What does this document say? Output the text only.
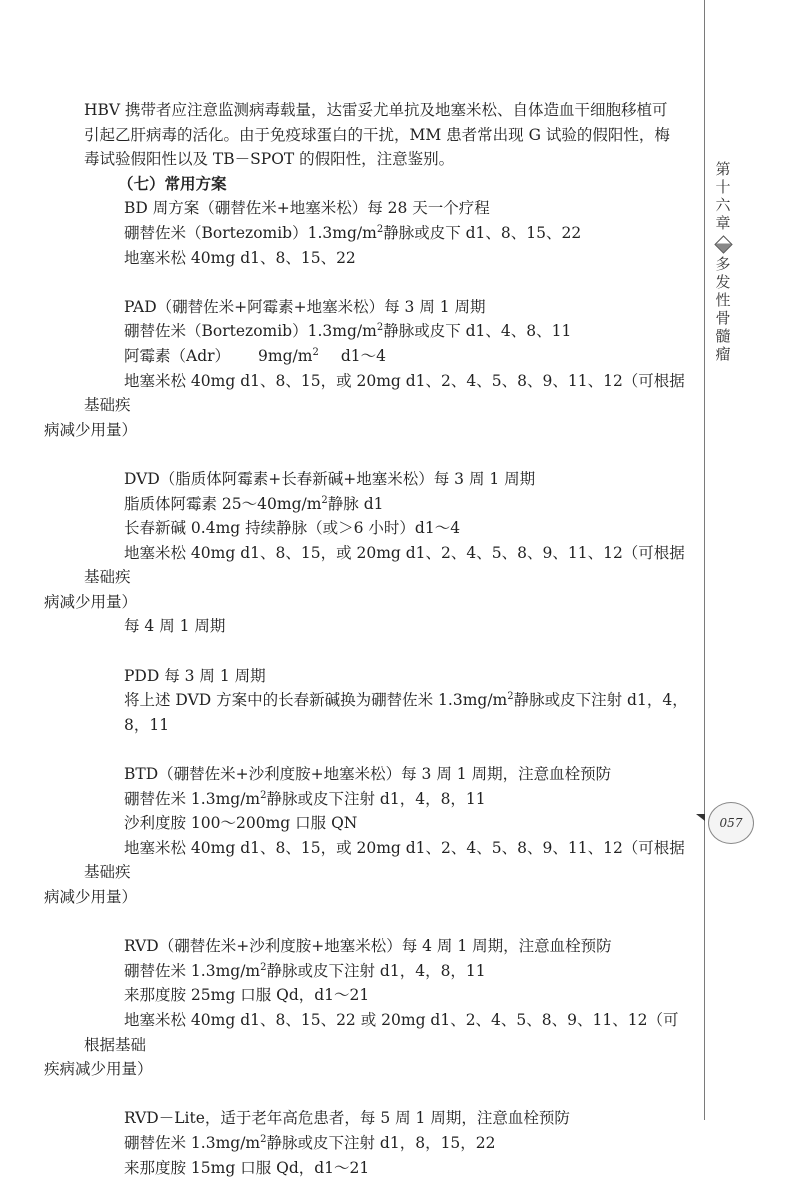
HBV 携带者应注意监测病毒载量，达雷妥尤单抗及地塞米松、自体造血干细胞移植可

引起乙肝病毒的活化。由于免疫球蛋白的干扰，MM 患者常出现 G 试验的假阳性，梅

毒试验假阳性以及 TB－SPOT 的假阳性，注意鉴别。

（七）常用方案

BD 周方案（硼替佐米+地塞米松）每 28 天一个疗程

硼替佐米$(Bortezomib)1.3mg/m^2$静脉或皮下 d1、8、15、22

地塞米松 40mg d1、8、15、22

PAD（硼替佐米+阿霉素+地塞米松）每 3 周 1 周期

硼替佐米$(Bortezomib)1.3mg/m^2$静脉或皮下 d1、4、8、11

阿霉素（Adr） $9mg/m^2$ d1～4

地塞米松 40mg d1、8、15，或 20mg d1、2、4、5、8、9、11、12（可根据基础疾
病减少用量）

DVD（脂质体阿霉素+长春新碱+地塞米松）每 3 周 1 周期

脂质体阿霉素 $25\sim 40mg/m^2$静脉 d1

长春新碱 0.4mg 持续静脉（或＞6 小时）d1～4

地塞米松 40mg d1、8、15，或 20mg d1、2、4、5、8、9、11、12（可根据基础疾
病减少用量）

每 4 周 1 周期

PDD 每 3 周 1 周期

将上述 DVD 方案中的长春新碱换为硼替佐米 $1.3mg/m^2$静脉或皮下注射 d1，4，8，11

BTD（硼替佐米+沙利度胺+地塞米松）每 3 周 1 周期，注意血栓预防

硼替佐米 $1.3mg/m^2$静脉或皮下注射 d1，4，8，11

沙利度胺 100～200mg 口服 QN

地塞米松 40mg d1、8、15，或 20mg d1、2、4、5、8、9、11、12（可根据基础疾
病减少用量）

RVD（硼替佐米+沙利度胺+地塞米松）每 4 周 1 周期，注意血栓预防

硼替佐米 $1.3mg/m^2$静脉或皮下注射 d1，4，8，11

来那度胺 25mg 口服 Qd，d1～21

地塞米松 40mg d1、8、15、22 或 20mg d1、2、4、5、8、9、11、12（可根据基础
疾病减少用量）

RVD－Lite，适于老年高危患者，每 5 周 1 周期，注意血栓预防

硼替佐米 $1.3mg/m^2$静脉或皮下注射 d1，8，15，22

来那度胺 15mg 口服 Qd，d1～21

第
十
六
章
多
发
性
骨
髓
瘤
057
